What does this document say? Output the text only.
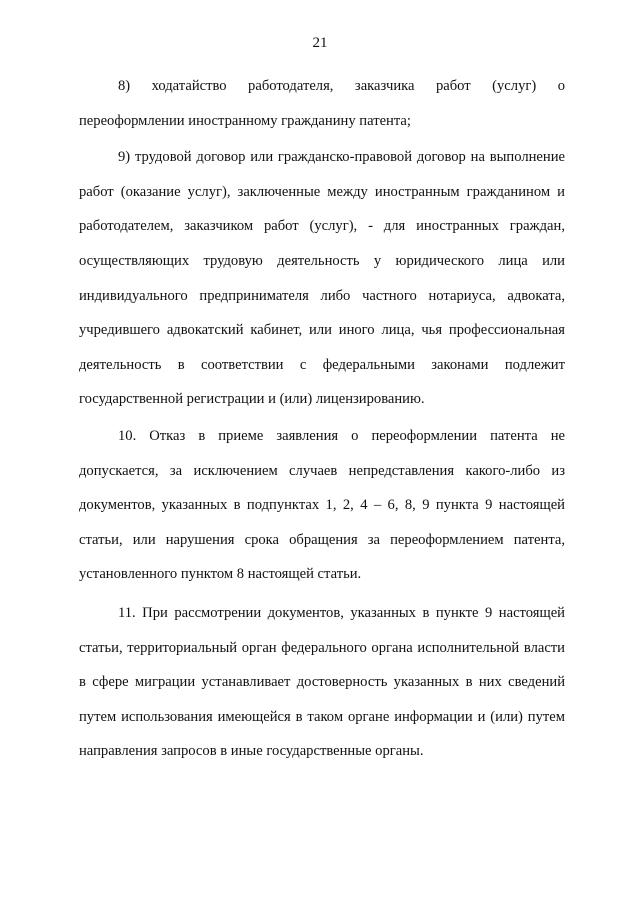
21

8) ходатайство работодателя, заказчика работ (услуг) о переоформлении иностранному гражданину патента;

9) трудовой договор или гражданско-правовой договор на выполнение работ (оказание услуг), заключенные между иностранным гражданином и работодателем, заказчиком работ (услуг), - для иностранных граждан, осуществляющих трудовую деятельность у юридического лица или индивидуального предпринимателя либо частного нотариуса, адвоката, учредившего адвокатский кабинет, или иного лица, чья профессиональная деятельность в соответствии с федеральными законами подлежит государственной регистрации и (или) лицензированию.

10. Отказ в приеме заявления о переоформлении патента не допускается, за исключением случаев непредставления какого-либо из документов, указанных в подпунктах 1, 2, 4 – 6, 8, 9 пункта 9 настоящей статьи, или нарушения срока обращения за переоформлением патента, установленного пунктом 8 настоящей статьи.

11. При рассмотрении документов, указанных в пункте 9 настоящей статьи, территориальный орган федерального органа исполнительной власти в сфере миграции устанавливает достоверность указанных в них сведений путем использования имеющейся в таком органе информации и (или) путем направления запросов в иные государственные органы.
